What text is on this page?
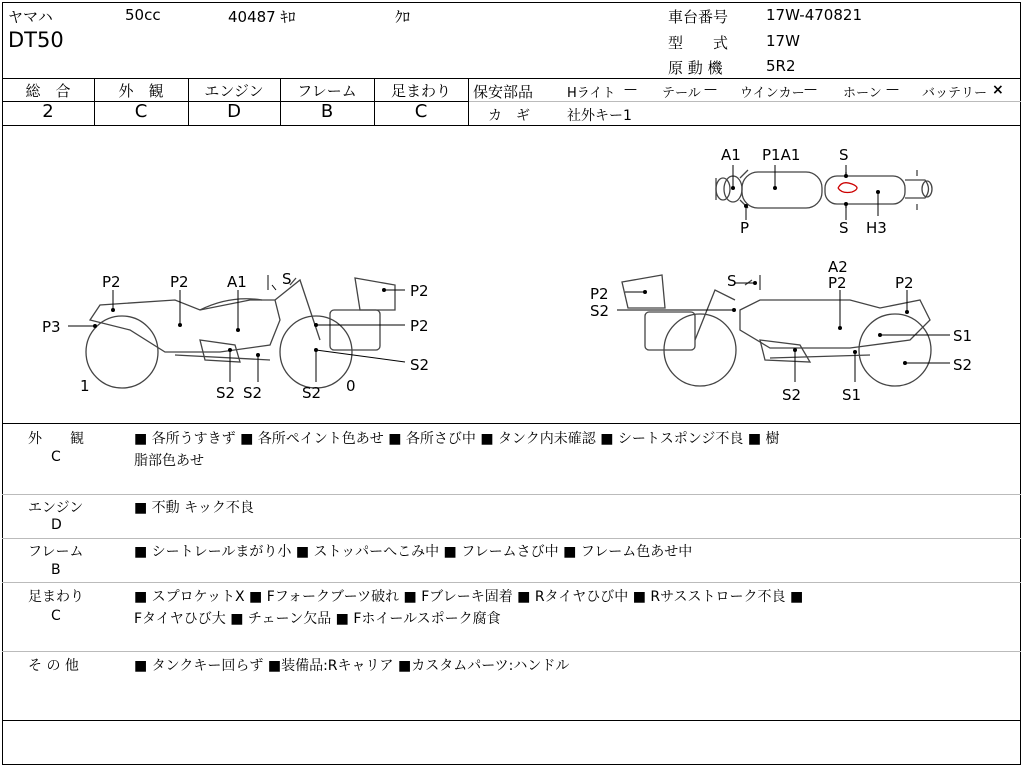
ヤマハ	50cc	40487 ｷﾛ	ｸﾛ
DT50
車台番号	17W-470821
型　　式	17W
原 動 機	5R2
総　合	外　観	エンジン	フレーム	足まわり
2	C	D	B	C
保安部品	Hライト — テール — ウインカー — ホーン — バッテリー ×
カ　ギ	社外キー1
A1 P1A1	S
P	S H3
P2	P2	A1 S
P2
P3	P2
S2
1	S2 S2	S2 0
S
A2
P2	P2
P2
S2
S1
S2
S2	S1
外　　観
C
■ 各所うすきず ■ 各所ペイント色あせ ■ 各所さび中 ■ タンク内未確認 ■ シートスポンジ不良 ■ 樹
脂部色あせ
エンジン
D
■ 不動 キック不良
フレーム
B
■ シートレールまがり小 ■ ストッパーへこみ中 ■ フレームさび中 ■ フレーム色あせ中
足まわり
C
■ スプロケットX ■ Fフォークブーツ破れ ■ Fブレーキ固着 ■ Rタイヤひび中 ■ Rサスストローク不良 ■
Fタイヤひび大 ■ チェーン欠品 ■ Fホイールスポーク腐食
そ の 他	■ タンクキー回らず ■装備品:Rキャリア ■カスタムパーツ:ハンドル
